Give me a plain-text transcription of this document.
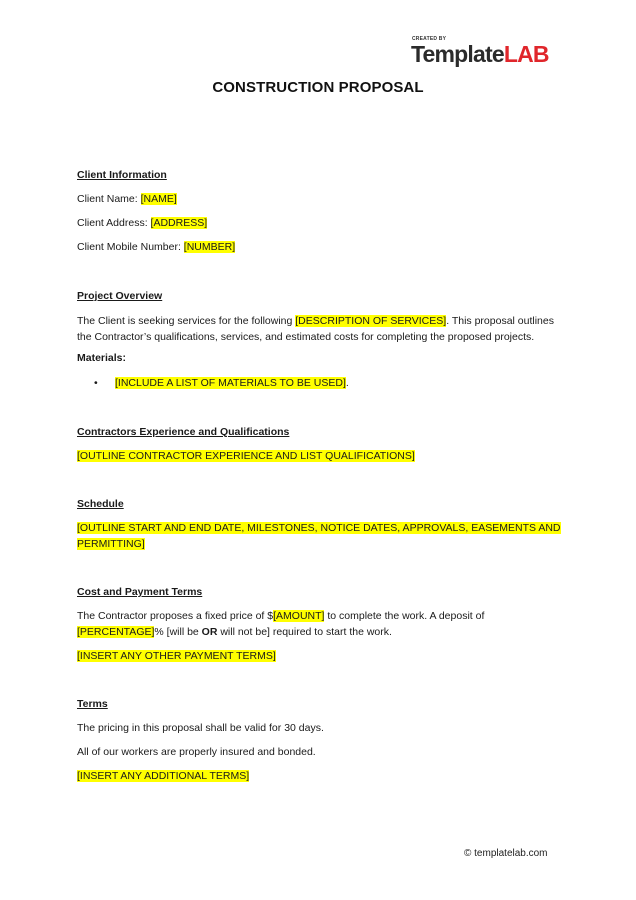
CREATED BY
TemplateLAB
CONSTRUCTION PROPOSAL
Client Information
Client Name: [NAME]
Client Address: [ADDRESS]
Client Mobile Number: [NUMBER]
Project Overview
The Client is seeking services for the following [DESCRIPTION OF SERVICES]. This proposal outlines the Contractor’s qualifications, services, and estimated costs for completing the proposed projects.
Materials:
• [INCLUDE A LIST OF MATERIALS TO BE USED].
Contractors Experience and Qualifications
[OUTLINE CONTRACTOR EXPERIENCE AND LIST QUALIFICATIONS]
Schedule
[OUTLINE START AND END DATE, MILESTONES, NOTICE DATES, APPROVALS, EASEMENTS AND
PERMITTING]
Cost and Payment Terms
The Contractor proposes a fixed price of $[AMOUNT] to complete the work. A deposit of
[PERCENTAGE]% [will be OR will not be] required to start the work.
[INSERT ANY OTHER PAYMENT TERMS]
Terms
The pricing in this proposal shall be valid for 30 days.
All of our workers are properly insured and bonded.
[INSERT ANY ADDITIONAL TERMS]
© templatelab.com
